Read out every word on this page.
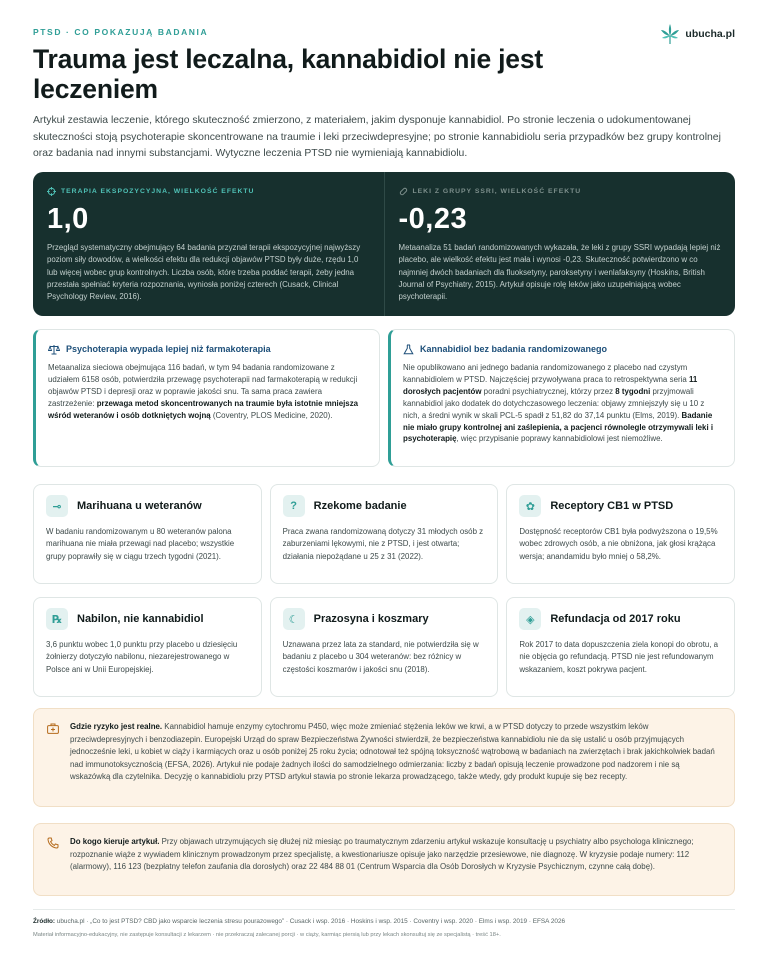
PTSD · CO POKAZUJĄ BADANIA	ubucha.pl
Trauma jest leczalna, kannabidiol nie jest leczeniem

Artykuł zestawia leczenie, którego skuteczność zmierzono, z materiałem, jakim dysponuje kannabidiol. Po stronie leczenia o udokumentowanej skuteczności stoją psychoterapie skoncentrowane na traumie i leki przeciwdepresyjne; po stronie kannabidiolu seria przypadków bez grupy kontrolnej oraz badania nad innymi substancjami. Wytyczne leczenia PTSD nie wymieniają kannabidiolu.

TERAPIA EKSPOZYCYJNA, WIELKOŚĆ EFEKTU
1,0

Przegląd systematyczny obejmujący 64 badania przyznał terapii ekspozycyjnej najwyższy poziom siły dowodów, a wielkości efektu dla redukcji objawów PTSD były duże, rzędu 1,0 lub więcej wobec grup kontrolnych. Liczba osób, które trzeba poddać terapii, żeby jedna przestała spełniać kryteria rozpoznania, wyniosła poniżej czterech (Cusack, Clinical Psychology Review, 2016).

LEKI Z GRUPY SSRI, WIELKOŚĆ EFEKTU
-0,23

Metaanaliza 51 badań randomizowanych wykazała, że leki z grupy SSRI wypadają lepiej niż placebo, ale wielkość efektu jest mała i wynosi -0,23. Skuteczność potwierdzono w co najmniej dwóch badaniach dla fluoksetyny, paroksetyny i wenlafaksyny (Hoskins, British Journal of Psychiatry, 2015). Artykuł opisuje rolę leków jako uzupełniającą wobec psychoterapii.

Psychoterapia wypada lepiej niż farmakoterapia

Metaanaliza sieciowa obejmująca 116 badań, w tym 94 badania randomizowane z udziałem 6158 osób, potwierdziła przewagę psychoterapii nad farmakoterapią w redukcji objawów PTSD i depresji oraz w poprawie jakości snu. Ta sama praca zawiera zastrzeżenie: przewaga metod skoncentrowanych na traumie była istotnie mniejsza wśród weteranów i osób dotkniętych wojną (Coventry, PLOS Medicine, 2020).

Kannabidiol bez badania randomizowanego

Nie opublikowano ani jednego badania randomizowanego z placebo nad czystym kannabidiolem w PTSD. Najczęściej przywoływana praca to retrospektywna seria 11 dorosłych pacjentów poradni psychiatrycznej, którzy przez 8 tygodni przyjmowali kannabidiol jako dodatek do dotychczasowego leczenia: objawy zmniejszyły się u 10 z nich, a średni wynik w skali PCL-5 spadł z 51,82 do 37,14 punktu (Elms, 2019). Badanie nie miało grupy kontrolnej ani zaślepienia, a pacjenci równolegle otrzymywali leki i psychoterapię, więc przypisanie poprawy kannabidiolowi jest niemożliwe.

⊸	Marihuana u weteranów

W badaniu randomizowanym u 80 weteranów palona marihuana nie miała przewagi nad placebo; wszystkie grupy poprawiły się w ciągu trzech tygodni (2021).

?	Rzekome badanie

Praca zwana randomizowaną dotyczy 31 młodych osób z zaburzeniami lękowymi, nie z PTSD, i jest otwarta; działania niepożądane u 25 z 31 (2022).

✿	Receptory CB1 w PTSD

Dostępność receptorów CB1 była podwyższona o 19,5% wobec zdrowych osób, a nie obniżona, jak głosi krążąca wersja; anandamidu było mniej o 58,2%.

℞	Nabilon, nie kannabidiol

3,6 punktu wobec 1,0 punktu przy placebo u dziesięciu żołnierzy dotyczyło nabilonu, niezarejestrowanego w Polsce ani w Unii Europejskiej.

☾	Prazosyna i koszmary

Uznawana przez lata za standard, nie potwierdziła się w badaniu z placebo u 304 weteranów: bez różnicy w częstości koszmarów i jakości snu (2018).

◈	Refundacja od 2017 roku

Rok 2017 to data dopuszczenia ziela konopi do obrotu, a nie objęcia go refundacją. PTSD nie jest refundowanym wskazaniem, koszt pokrywa pacjent.

Gdzie ryzyko jest realne. Kannabidiol hamuje enzymy cytochromu P450, więc może zmieniać stężenia leków we krwi, a w PTSD dotyczy to przede wszystkim leków przeciwdepresyjnych i benzodiazepin. Europejski Urząd do spraw Bezpieczeństwa Żywności stwierdził, że bezpieczeństwa kannabidiolu nie da się ustalić u osób przyjmujących jednocześnie leki, u kobiet w ciąży i karmiących oraz u osób poniżej 25 roku życia; odnotował też spójną toksyczność wątrobową w badaniach na zwierzętach i brak jakichkolwiek badań nad immunotoksycznością (EFSA, 2026). Artykuł nie podaje żadnych ilości do samodzielnego odmierzania: liczby z badań opisują leczenie prowadzone pod nadzorem i nie są wskazówką dla czytelnika. Decyzję o kannabidiolu przy PTSD artykuł stawia po stronie lekarza prowadzącego, także wtedy, gdy produkt kupuje się bez recepty.

Do kogo kieruje artykuł. Przy objawach utrzymujących się dłużej niż miesiąc po traumatycznym zdarzeniu artykuł wskazuje konsultację u psychiatry albo psychologa klinicznego; rozpoznanie wiąże z wywiadem klinicznym prowadzonym przez specjalistę, a kwestionariusze opisuje jako narzędzie przesiewowe, nie diagnozę. W kryzysie podaje numery: 112 (alarmowy), 116 123 (bezpłatny telefon zaufania dla dorosłych) oraz 22 484 88 01 (Centrum Wsparcia dla Osób Dorosłych w Kryzysie Psychicznym, czynne całą dobę).

Źródło: ubucha.pl · „Co to jest PTSD? CBD jako wsparcie leczenia stresu pourazowego” · Cusack i wsp. 2016 · Hoskins i wsp. 2015 · Coventry i wsp. 2020 · Elms i wsp. 2019 · EFSA 2026

Materiał informacyjno-edukacyjny, nie zastępuje konsultacji z lekarzem · nie przekraczaj zalecanej porcji · w ciąży, karmiąc piersią lub przy lekach skonsultuj się ze specjalistą · treść 18+.
